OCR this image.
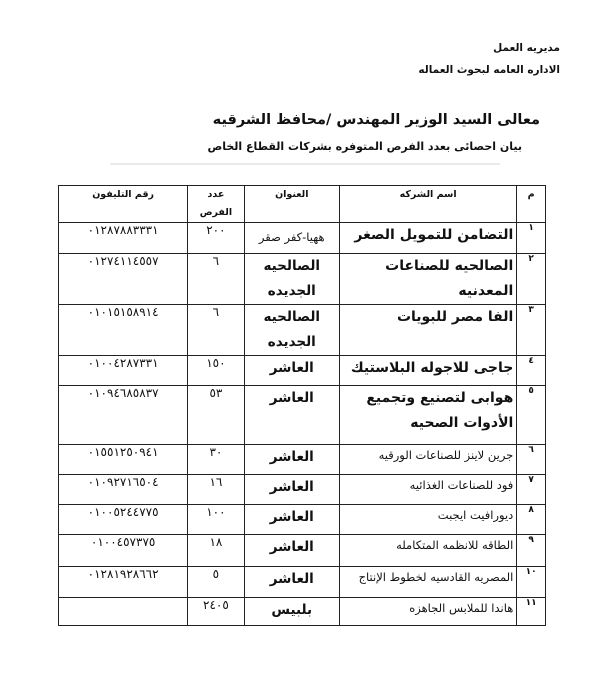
مديريه العمل
الاداره العامه لبحوث العماله
معالى السيد الوزير المهندس /محافظ الشرقيه
بيان احصائى بعدد الفرص المتوفره بشركات القطاع الخاص
م	اسم الشركه	العنوان	عدد الفرص	رقم التليفون
١	التضامن للتمويل الصغر	ههيا-كفر صقر	٢٠٠	٠١٢٨٧٨٨٣٣٣١
٢	الصالحيه للصناعات المعدنيه	الصالحيه الجديده	٦	٠١٢٧٤١١٤٥٥٧
٣	الفا مصر للبويات	الصالحيه الجديده	٦	٠١٠١٥١٥٨٩١٤
٤	جاجى للاجوله البلاستيك	العاشر	١٥٠	٠١٠٠٤٢٨٧٣٣١
٥	هوابى لتصنيع وتجميع الأدوات الصحيه	العاشر	٥٣	٠١٠٩٤٦٨٥٨٣٧
٦	جرين لاينز للصناعات الورقيه	العاشر	٣٠	٠١٥٥١٢٥٠٩٤١
٧	فود للصناعات الغذائيه	العاشر	١٦	٠١٠٩٢٧١٦٥٠٤
٨	ديورافيت ايجبت	العاشر	١٠٠	٠١٠٠٥٢٤٤٧٧٥
٩	الطاقه للانظمه المتكامله	العاشر	١٨	٠١٠٠٤٥٧٣٧٥
١٠	المصريه القادسيه لخطوط الإنتاج	العاشر	٥	٠١٢٨١٩٢٨٦٦٢
١١	هاندا للملابس الجاهزه	بلبيس	٢٤٠٥	
